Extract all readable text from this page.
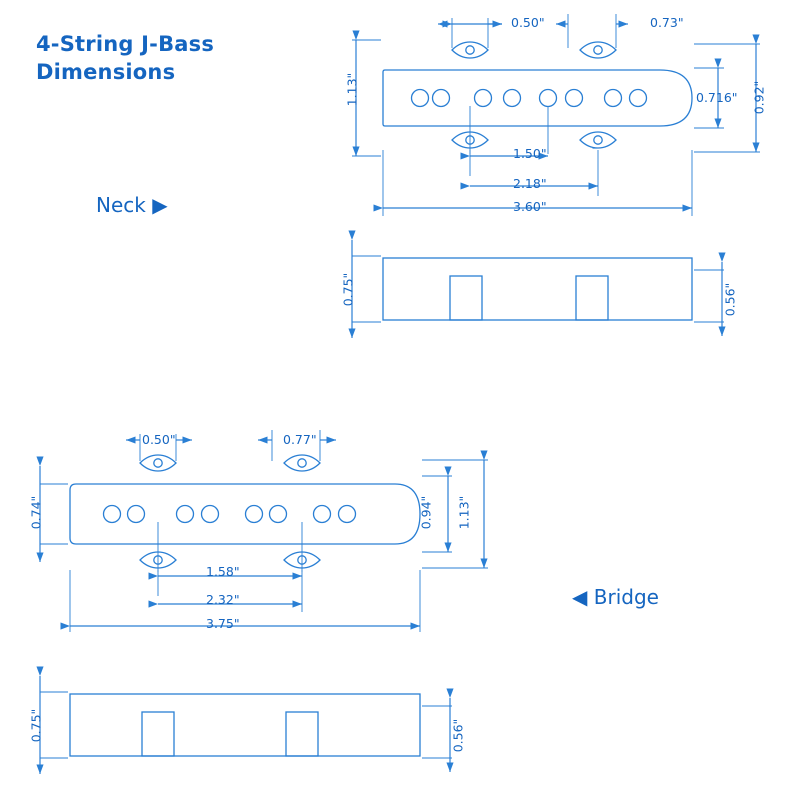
4-String J-Bass
Dimensions
Neck ▶
◀ Bridge
0.50"	0.73"
1.13"	0.716" 0.92"
1.50"
2.18"
3.60"
0.75"	0.56"
0.50"	0.77"
0.74"	0.94" 1.13"
1.58"
2.32"
3.75"
0.75"	0.56"
